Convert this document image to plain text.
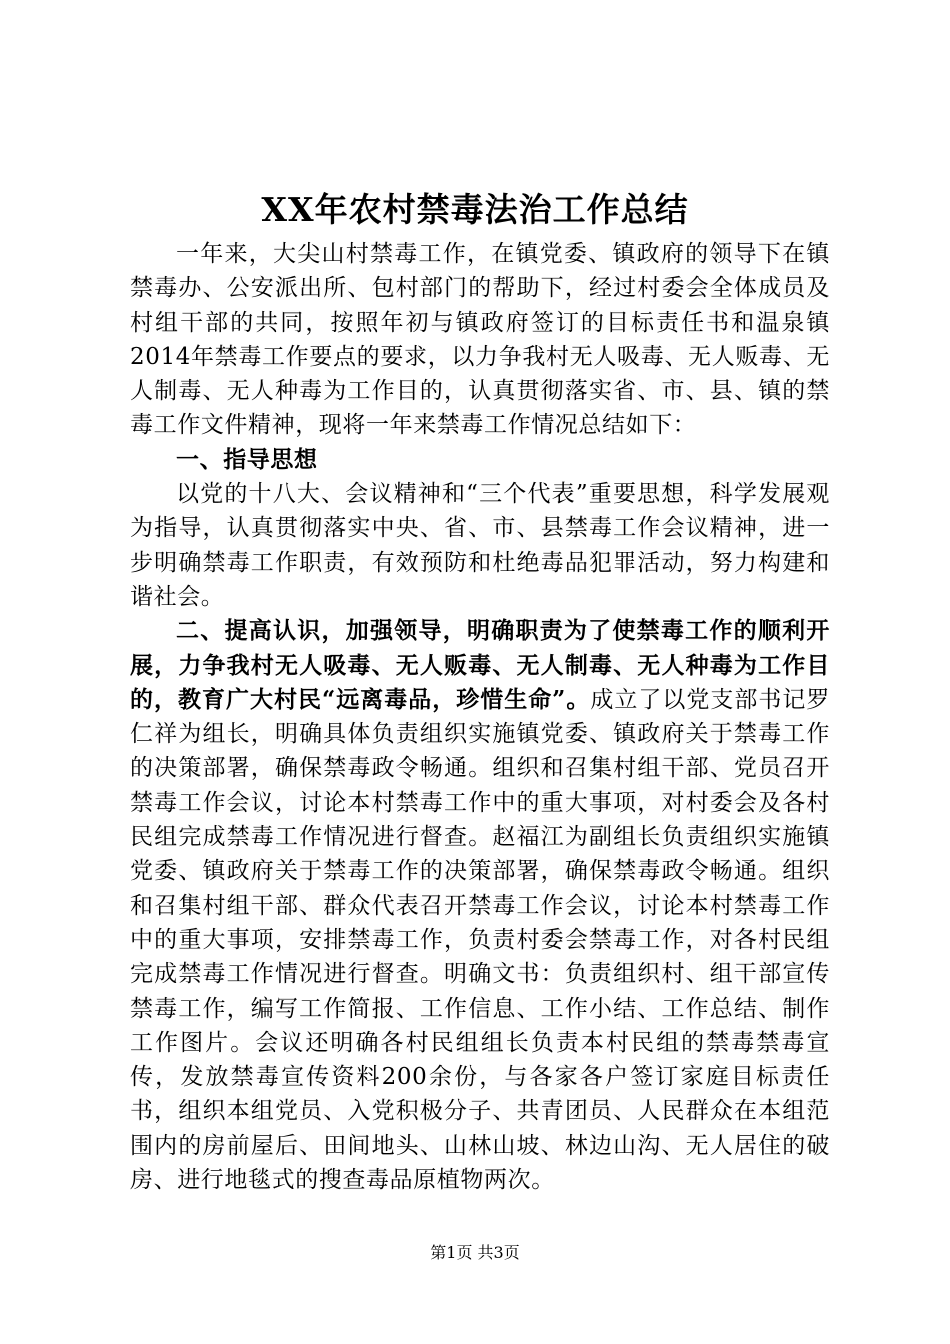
XX年农村禁毒法治工作总结

一年来，大尖山村禁毒工作，在镇党委、镇政府的领导下在镇禁毒办、公安派出所、包村部门的帮助下，经过村委会全体成员及村组干部的共同，按照年初与镇政府签订的目标责任书和温泉镇2014年禁毒工作要点的要求，以力争我村无人吸毒、无人贩毒、无人制毒、无人种毒为工作目的，认真贯彻落实省、市、县、镇的禁毒工作文件精神，现将一年来禁毒工作情况总结如下：

一、指导思想

以党的十八大、会议精神和“三个代表”重要思想，科学发展观为指导，认真贯彻落实中央、省、市、县禁毒工作会议精神，进一步明确禁毒工作职责，有效预防和杜绝毒品犯罪活动，努力构建和谐社会。

二、提高认识，加强领导，明确职责为了使禁毒工作的顺利开展，力争我村无人吸毒、无人贩毒、无人制毒、无人种毒为工作目的，教育广大村民“远离毒品，珍惜生命”。成立了以党支部书记罗仁祥为组长，明确具体负责组织实施镇党委、镇政府关于禁毒工作的决策部署，确保禁毒政令畅通。组织和召集村组干部、党员召开禁毒工作会议，讨论本村禁毒工作中的重大事项，对村委会及各村民组完成禁毒工作情况进行督查。赵福江为副组长负责组织实施镇党委、镇政府关于禁毒工作的决策部署，确保禁毒政令畅通。组织和召集村组干部、群众代表召开禁毒工作会议，讨论本村禁毒工作中的重大事项，安排禁毒工作，负责村委会禁毒工作，对各村民组完成禁毒工作情况进行督查。明确文书：负责组织村、组干部宣传禁毒工作，编写工作简报、工作信息、工作小结、工作总结、制作工作图片。会议还明确各村民组组长负责本村民组的禁毒禁毒宣传，发放禁毒宣传资料200余份，与各家各户签订家庭目标责任书，组织本组党员、入党积极分子、共青团员、人民群众在本组范围内的房前屋后、田间地头、山林山坡、林边山沟、无人居住的破房、进行地毯式的搜查毒品原植物两次。

第1页 共3页
